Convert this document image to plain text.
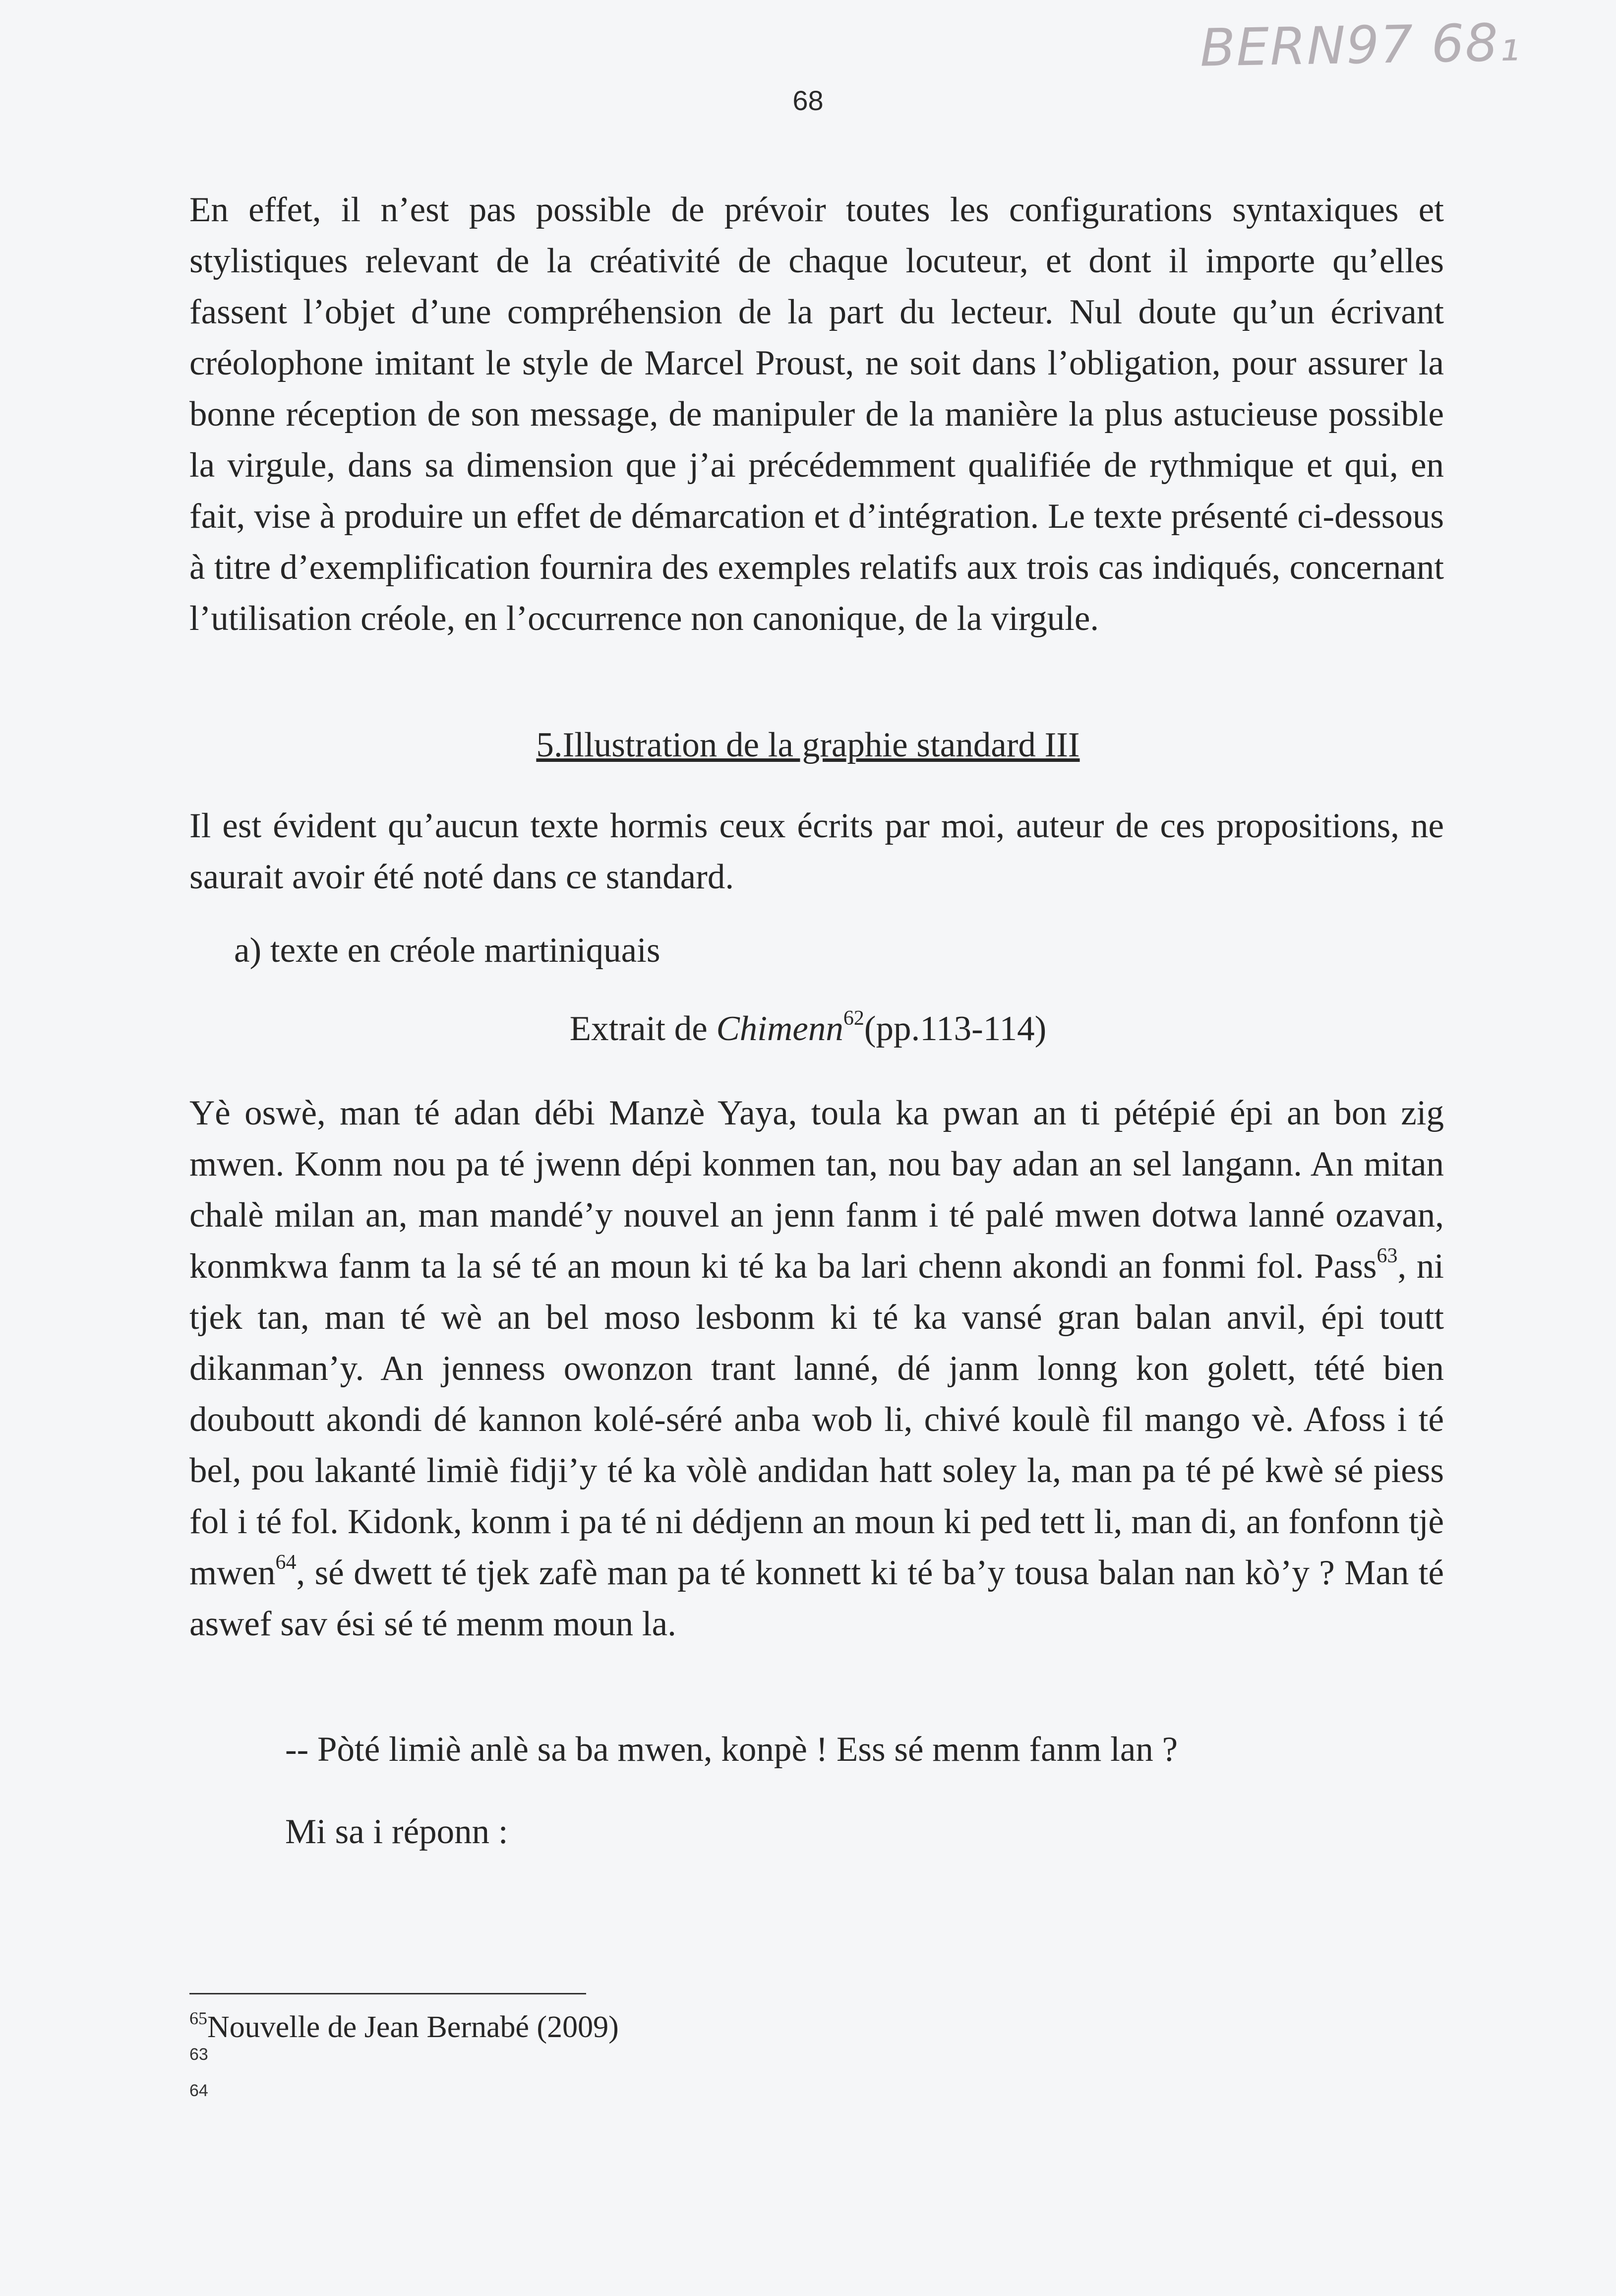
BERN97 68₁
68
En effet, il n’est pas possible de prévoir toutes les configurations syntaxiques et stylistiques relevant de la créativité de chaque locuteur, et dont il importe qu’elles fassent l’objet d’une compréhension de la part du lecteur. Nul doute qu’un écrivant créolophone imitant le style de Marcel Proust, ne soit dans l’obligation, pour assurer la bonne réception de son message, de manipuler de la manière la plus astucieuse possible la virgule, dans sa dimension que j’ai précédemment qualifiée de rythmique et qui, en fait, vise à produire un effet de démarcation et d’intégration. Le texte présenté ci-dessous à titre d’exemplification fournira des exemples relatifs aux trois cas indiqués, concernant l’utilisation créole, en l’occurrence non canonique, de la virgule.
5.Illustration de la graphie standard III
Il est évident qu’aucun texte hormis ceux écrits par moi, auteur de ces propositions, ne saurait avoir été noté dans ce standard.
a) texte en créole martiniquais
Extrait de Chimenn$^{62}$(pp.113-114)
Yè oswè, man té adan débi Manzè Yaya, toula ka pwan an ti pétépié épi an bon zig mwen. Konm nou pa té jwenn dépi konmen tan, nou bay adan an sel langann. An mitan chalè milan an, man mandé’y nouvel an jenn fanm i té palé mwen dotwa lanné ozavan, konmkwa fanm ta la sé té an moun ki té ka ba lari chenn akondi an fonmi fol. Pass$^{63}$, ni tjek tan, man té wè an bel moso lesbonm ki té ka vansé gran balan anvil, épi toutt dikanman’y. An jenness owonzon trant lanné, dé janm lonng kon golett, tété bien douboutt akondi dé kannon kolé-séré anba wob li, chivé koulè fil mango vè. Afoss i té bel, pou lakanté limiè fidji’y té ka vòlè andidan hatt soley la, man pa té pé kwè sé piess fol i té fol. Kidonk, konm i pa té ni dédjenn an moun ki ped tett li, man di, an fonfonn tjè mwen$^{64}$, sé dwett té tjek zafè man pa té konnett ki té ba’y tousa balan nan kò’y ? Man té aswef sav ési sé té menm moun la.
-- Pòté limiè anlè sa ba mwen, konpè ! Ess sé menm fanm lan ?
Mi sa i réponn :
$^{65}$Nouvelle de Jean Bernabé (2009)
63
64
